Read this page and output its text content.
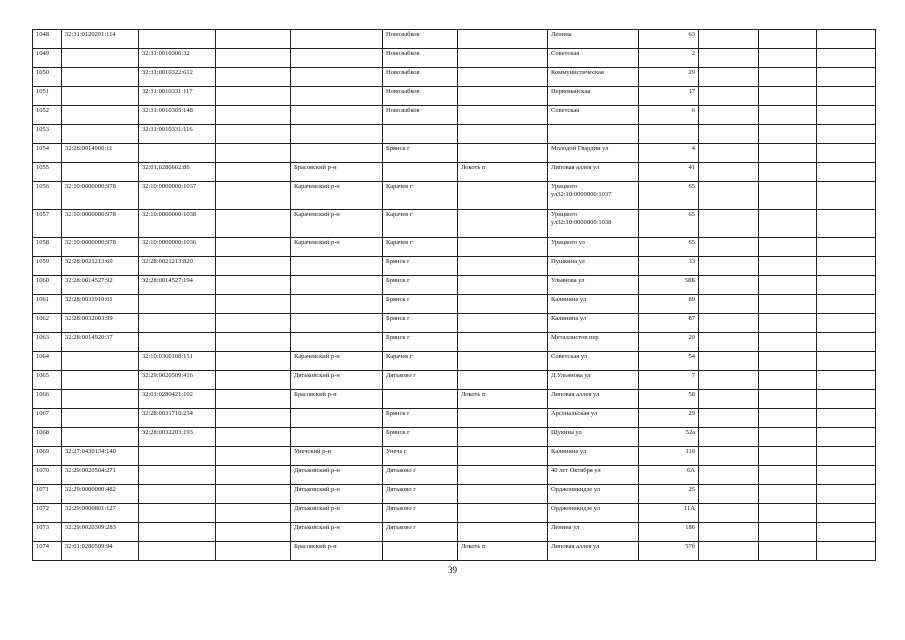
1048	32:31:0120201:114				Новозыбков		Ленина	63			
1049		32:31:0010306:32			Новозыбков		Советская	2			
1050		32:31:0010322:612			Новозыбков		Коммунистическая	29			
1051		32:31:0010331:117			Новозыбков		Первомайская	17			
1052		32:31:0010305:148			Новозыбков		Советская	6			
1053		32:31:0010331:116									
1054	32:28:0014900:11				Брянск г		Молодой Гвардии ул	4			
1055		32:01:0280602:86		Брасовский р-н		Локоть п	Липовая аллея ул	41			
1056	32:10:0000000:978	32:10:0000000:1037		Карачевский р-н	Карачев г		Урицкого ул32:10:0000000:1037	65			
1057	32:10:0000000:978	32:10:0000000:1038		Карачевский р-н	Карачев г		Урицкого ул32:10:0000000:1038	65			
1058	32:10:0000000:978	32:10:0000000:1036		Карачевский р-н	Карачев г		Урицкого ул	65			
1059	32:28:0021213:69	32:28:0021213:820			Брянск г		Пушкина ул	33			
1060	32:28:0014527:92	32:28:0014527:194			Брянск г		Ульянова ул	58Б			
1061	32:28:0031910:61				Брянск г		Калинина ул	89			
1062	32:28:0032003:99				Брянск г		Калинина ул	87			
1063	32:28:0014920:37				Брянск г		Металлистов пер	20			
1064		32:10:0360108:151		Карачевский р-н	Карачев г		Советская ул	54			
1065		32:29:0020509:416		Дятьковский р-н	Дятьково г		Д.Ульянова ул	7			
1066		32:01:0280421:102		Брасовский р-н		Локоть п	Липовая аллея ул	58			
1067		32:28:0031710:234			Брянск г		Арсенальская ул	29			
1068		32:28:0032203:193			Брянск г		Щукина ул	52а			
1069	32:27:0430134:140			Унечский р-н	Унеча г		Калинина ул	110			
1070	32:29:0020504:271			Дятьковский р-н	Дятьково г		40 лет Октября ул	6А			
1071	32:29:0000000:482			Дятьковский р-н	Дятьково г		Орджоникидзе ул	25			
1072	32:29:0000801:127			Дятьковский р-н	Дятьково г		Орджоникидзе ул	11А			
1073	32:29:0020309:283			Дятьковский р-н	Дятьково г		Ленина ул	186			
1074	32:01:0280509:94			Брасовский р-н		Локоть п	Липовая аллея ул	57б			
39
